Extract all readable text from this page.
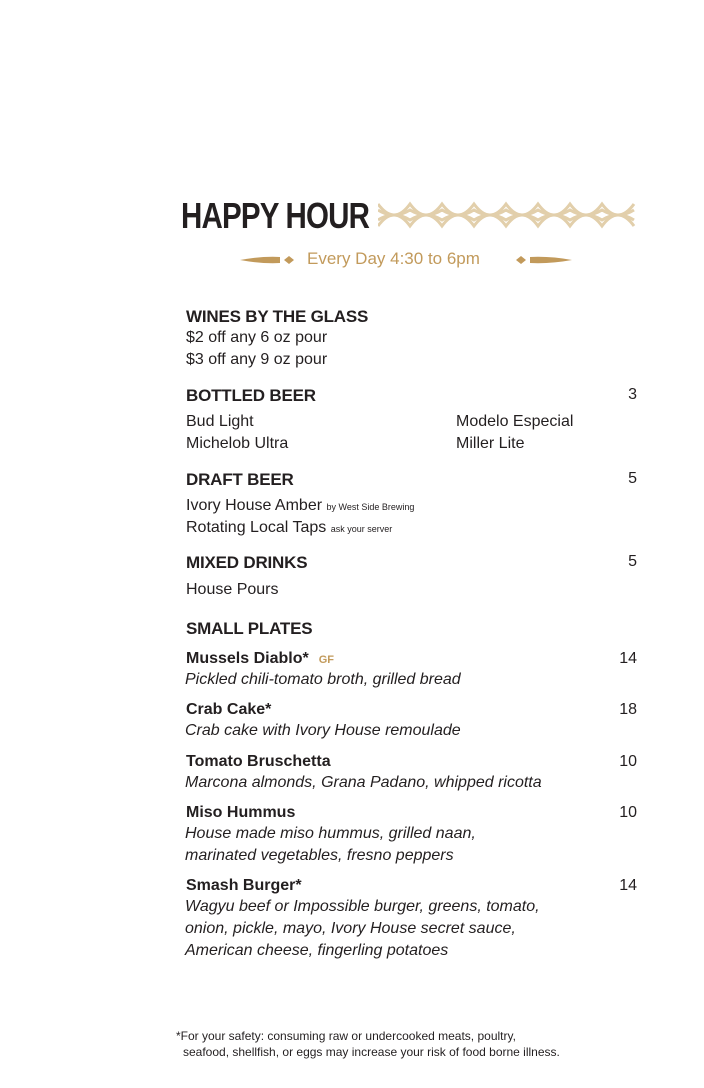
HAPPY HOUR
Every Day 4:30 to 6pm
WINES BY THE GLASS
$2 off any 6 oz pour
$3 off any 9 oz pour
BOTTLED BEER	3
Bud Light	Modelo Especial
Michelob Ultra	Miller Lite
DRAFT BEER	5
Ivory House Amber by West Side Brewing
Rotating Local Taps ask your server
MIXED DRINKS	5
House Pours
SMALL PLATES
Mussels Diablo* GF	14
Pickled chili-tomato broth, grilled bread
Crab Cake*	18
Crab cake with Ivory House remoulade
Tomato Bruschetta	10
Marcona almonds, Grana Padano, whipped ricotta
Miso Hummus	10
House made miso hummus, grilled naan,
marinated vegetables, fresno peppers
Smash Burger*	14
Wagyu beef or Impossible burger, greens, tomato,
onion, pickle, mayo, Ivory House secret sauce,
American cheese, fingerling potatoes
*For your safety: consuming raw or undercooked meats, poultry,
seafood, shellfish, or eggs may increase your risk of food borne illness.
